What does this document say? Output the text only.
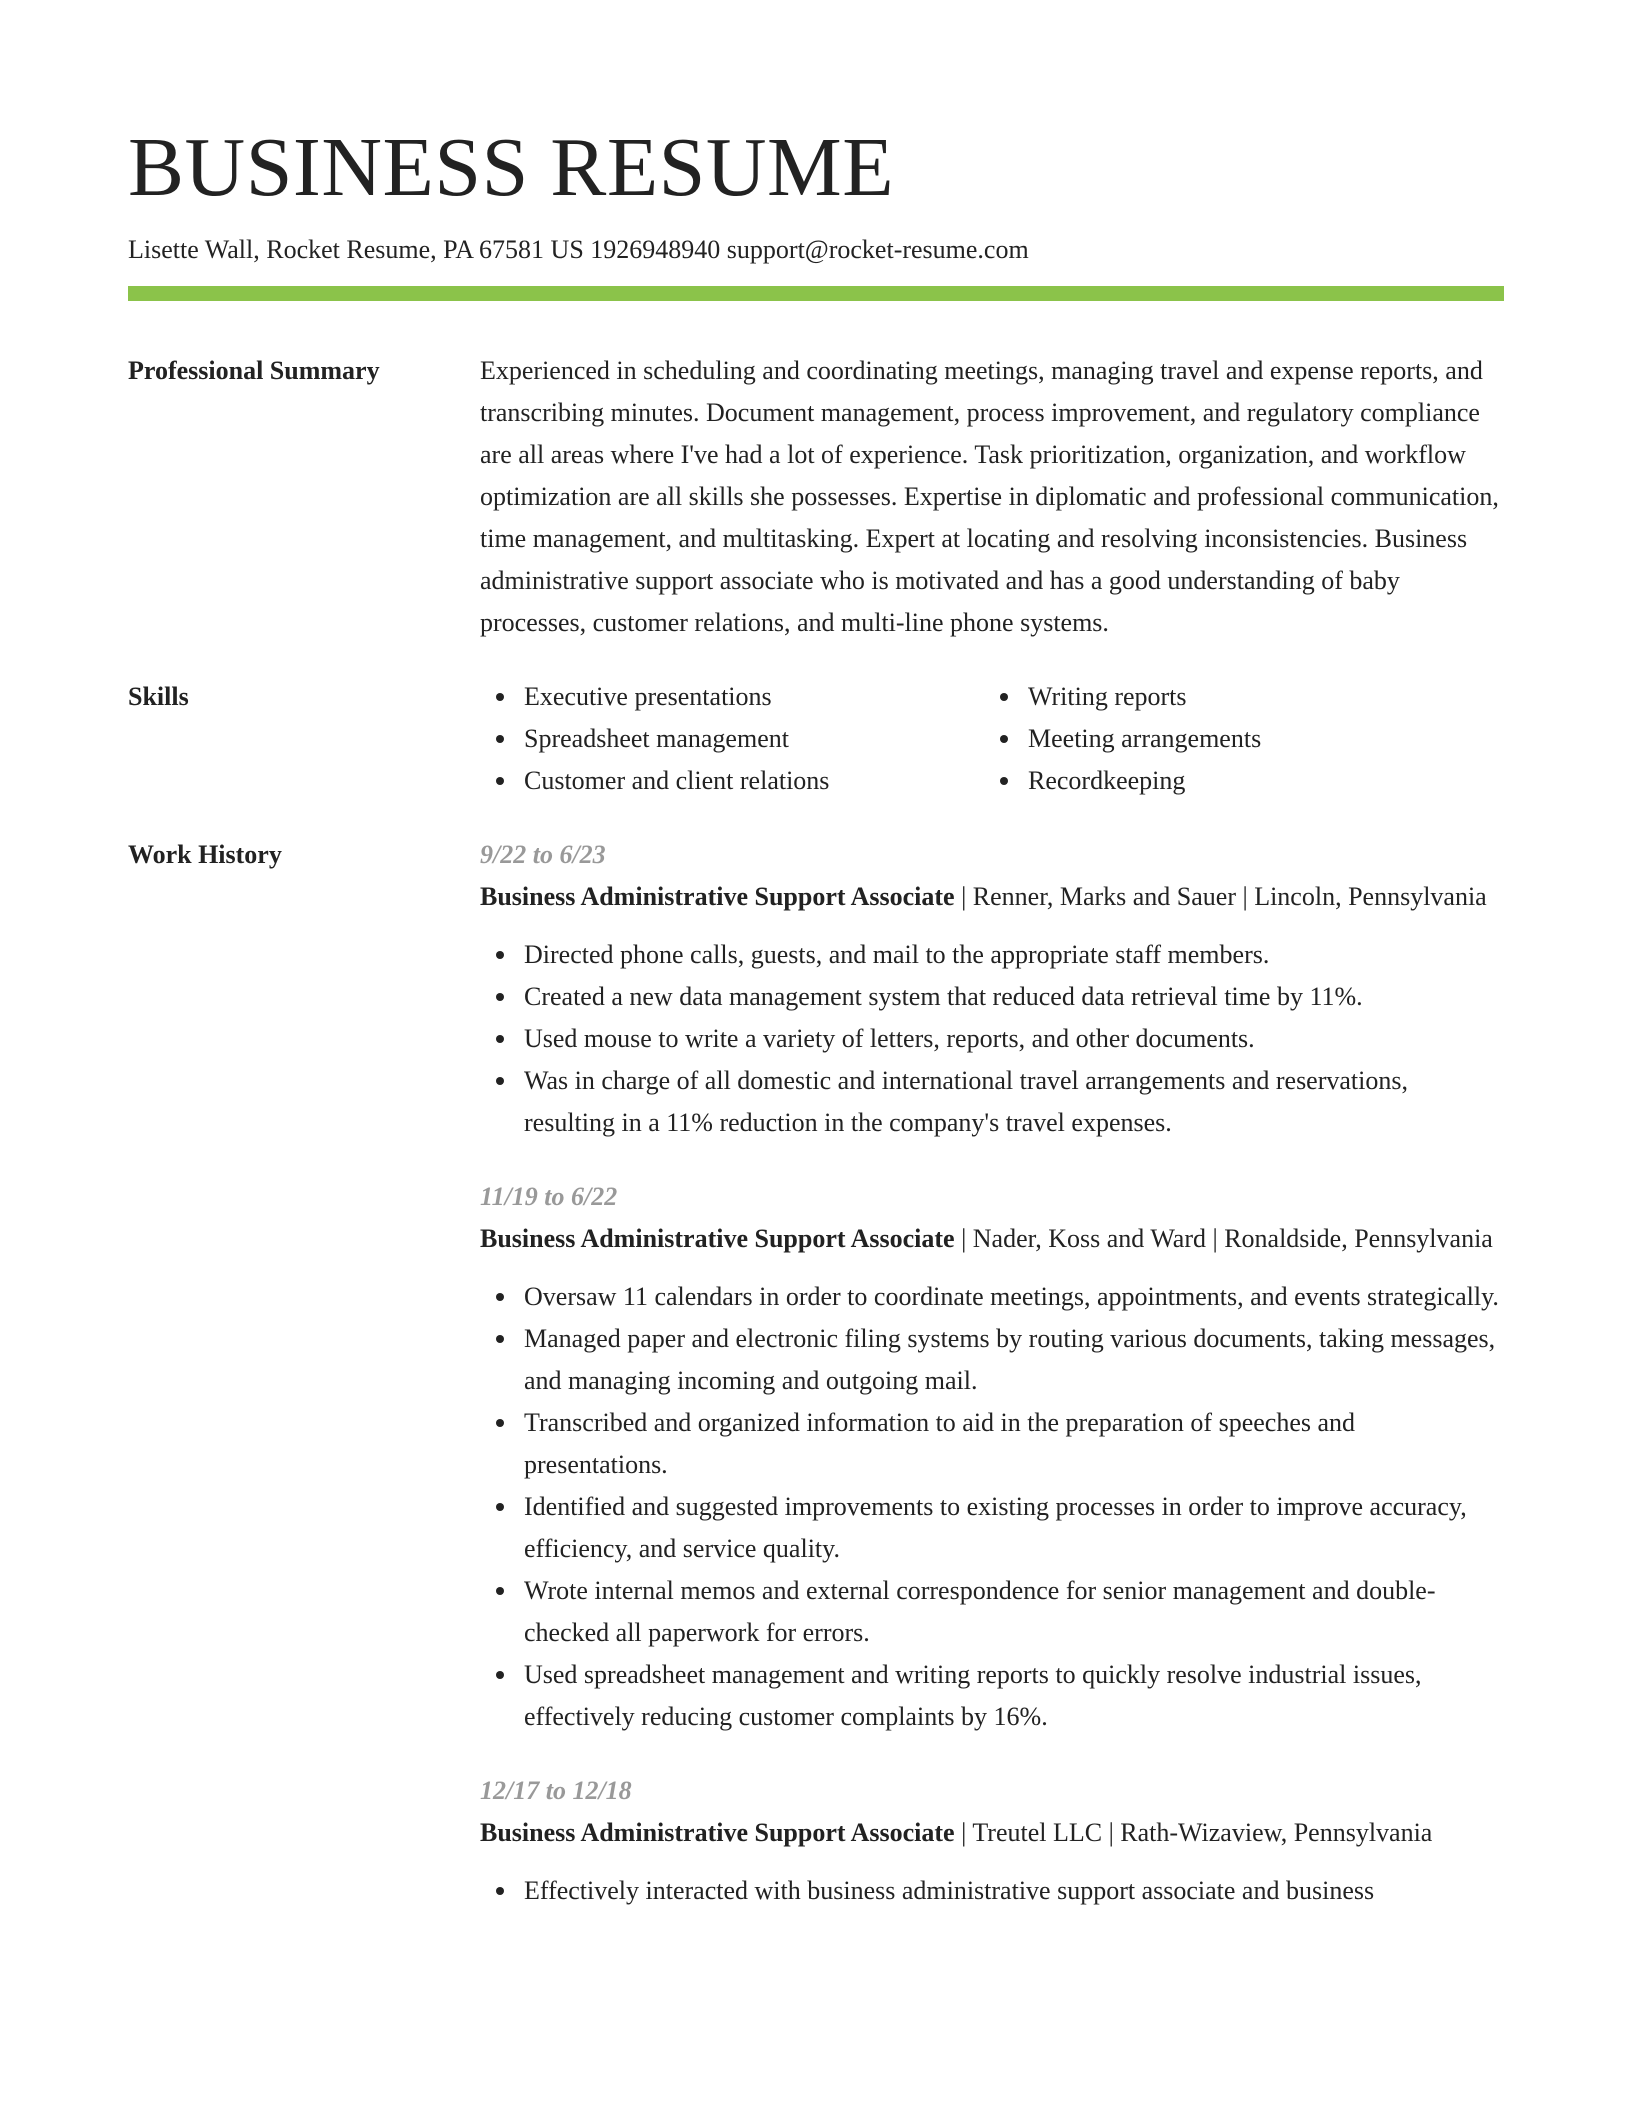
BUSINESS RESUME
Lisette Wall, Rocket Resume, PA 67581 US 1926948940 support@rocket-resume.com
Professional Summary	Experienced in scheduling and coordinating meetings, managing travel and expense reports, and transcribing minutes. Document management, process improvement, and regulatory compliance are all areas where I've had a lot of experience. Task prioritization, organization, and workflow optimization are all skills she possesses. Expertise in diplomatic and professional communication, time management, and multitasking. Expert at locating and resolving inconsistencies. Business administrative support associate who is motivated and has a good understanding of baby processes, customer relations, and multi-line phone systems.

Skills	Executive presentations	Writing reports
Spreadsheet management	Meeting arrangements
Customer and client relations	Recordkeeping
Work History	9/22 to 6/23
Business Administrative Support Associate | Renner, Marks and Sauer | Lincoln, Pennsylvania
Directed phone calls, guests, and mail to the appropriate staff members.
Created a new data management system that reduced data retrieval time by 11%.
Used mouse to write a variety of letters, reports, and other documents.
Was in charge of all domestic and international travel arrangements and reservations, resulting in a 11% reduction in the company's travel expenses.
11/19 to 6/22
Business Administrative Support Associate | Nader, Koss and Ward | Ronaldside, Pennsylvania
Oversaw 11 calendars in order to coordinate meetings, appointments, and events strategically.
Managed paper and electronic filing systems by routing various documents, taking messages, and managing incoming and outgoing mail.
Transcribed and organized information to aid in the preparation of speeches and presentations.
Identified and suggested improvements to existing processes in order to improve accuracy, efficiency, and service quality.
Wrote internal memos and external correspondence for senior management and double-checked all paperwork for errors.
Used spreadsheet management and writing reports to quickly resolve industrial issues, effectively reducing customer complaints by 16%.
12/17 to 12/18
Business Administrative Support Associate | Treutel LLC | Rath-Wizaview, Pennsylvania
Effectively interacted with business administrative support associate and business
